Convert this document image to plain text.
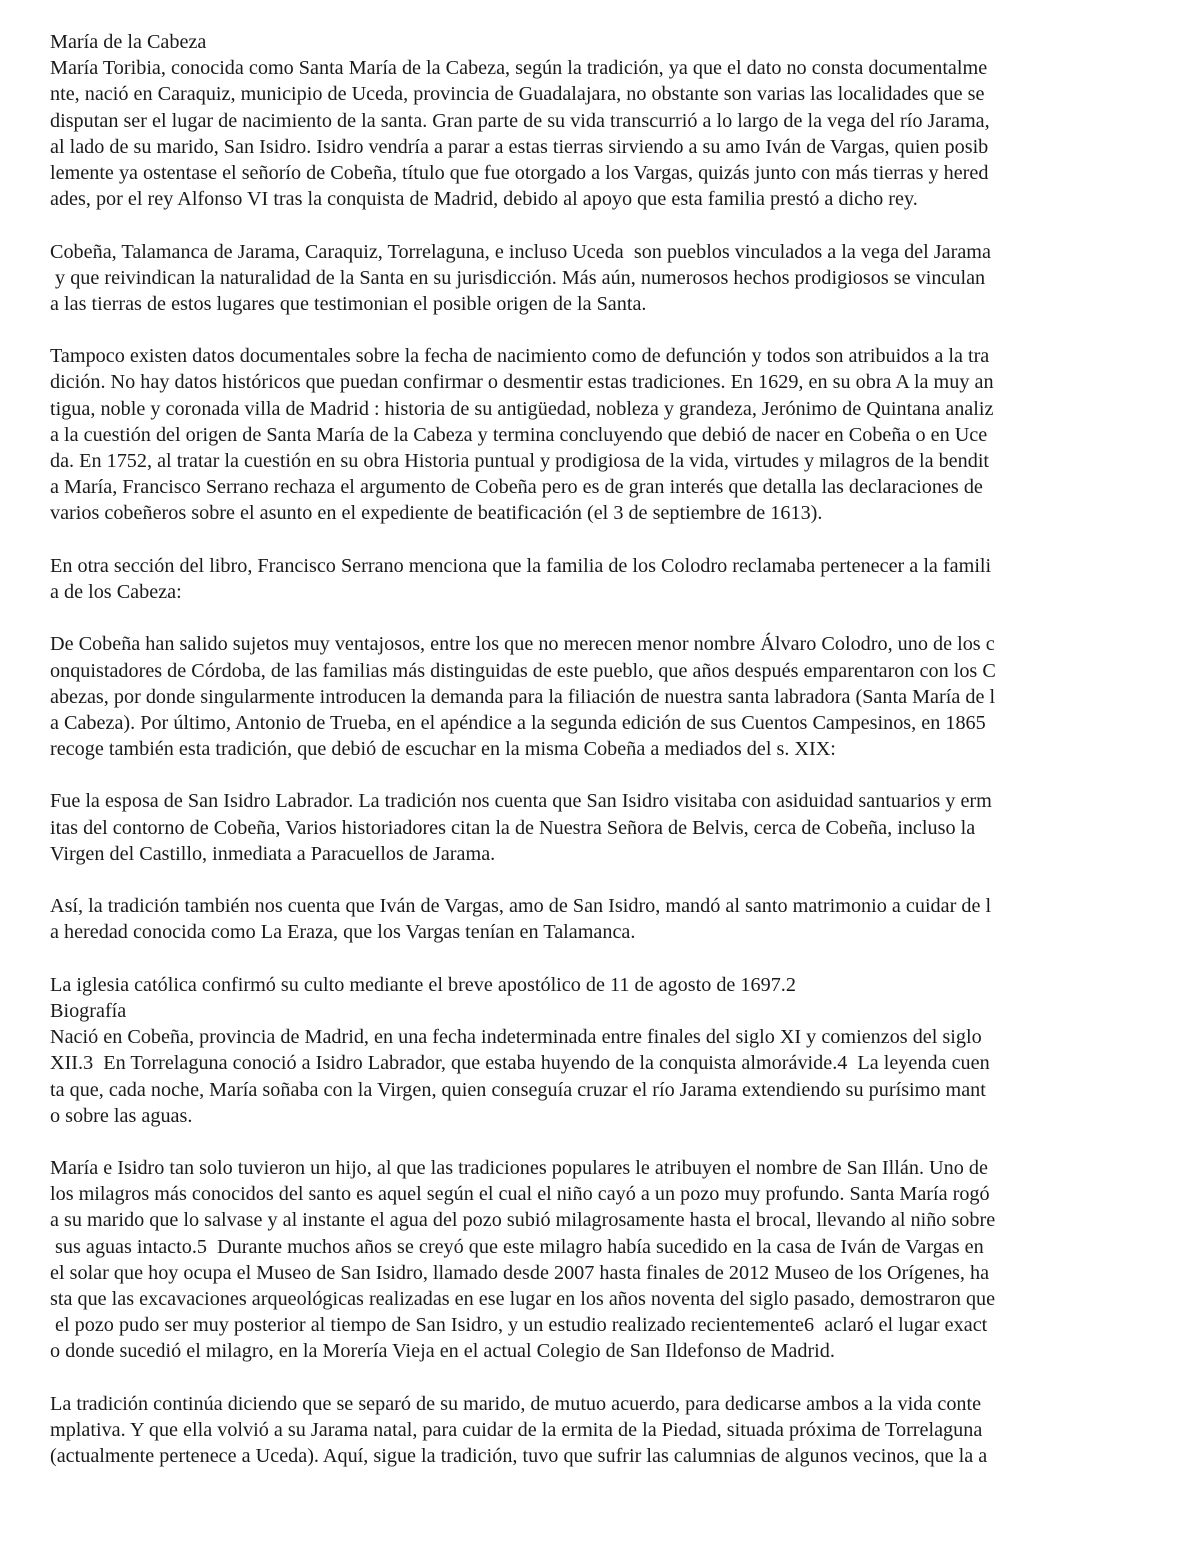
María de la Cabeza
María Toribia, conocida como Santa María de la Cabeza, según la tradición, ya que el dato no consta documentalme
nte, nació en Caraquiz, municipio de Uceda, provincia de Guadalajara, no obstante son varias las localidades que se
disputan ser el lugar de nacimiento de la santa. Gran parte de su vida transcurrió a lo largo de la vega del río Jarama,
al lado de su marido, San Isidro. Isidro vendría a parar a estas tierras sirviendo a su amo Iván de Vargas, quien posib
lemente ya ostentase el señorío de Cobeña, título que fue otorgado a los Vargas, quizás junto con más tierras y hered
ades, por el rey Alfonso VI tras la conquista de Madrid, debido al apoyo que esta familia prestó a dicho rey.
Cobeña, Talamanca de Jarama, Caraquiz, Torrelaguna, e incluso Uceda  son pueblos vinculados a la vega del Jarama
y que reivindican la naturalidad de la Santa en su jurisdicción. Más aún, numerosos hechos prodigiosos se vinculan
a las tierras de estos lugares que testimonian el posible origen de la Santa.
Tampoco existen datos documentales sobre la fecha de nacimiento como de defunción y todos son atribuidos a la tra
dición. No hay datos históricos que puedan confirmar o desmentir estas tradiciones. En 1629, en su obra A la muy an
tigua, noble y coronada villa de Madrid : historia de su antigüedad, nobleza y grandeza, Jerónimo de Quintana analiz
a la cuestión del origen de Santa María de la Cabeza y termina concluyendo que debió de nacer en Cobeña o en Uce
da. En 1752, al tratar la cuestión en su obra Historia puntual y prodigiosa de la vida, virtudes y milagros de la bendit
a María, Francisco Serrano rechaza el argumento de Cobeña pero es de gran interés que detalla las declaraciones de
varios cobeñeros sobre el asunto en el expediente de beatificación (el 3 de septiembre de 1613).
En otra sección del libro, Francisco Serrano menciona que la familia de los Colodro reclamaba pertenecer a la famili
a de los Cabeza:
De Cobeña han salido sujetos muy ventajosos, entre los que no merecen menor nombre Álvaro Colodro, uno de los c
onquistadores de Córdoba, de las familias más distinguidas de este pueblo, que años después emparentaron con los C
abezas, por donde singularmente introducen la demanda para la filiación de nuestra santa labradora (Santa María de l
a Cabeza). Por último, Antonio de Trueba, en el apéndice a la segunda edición de sus Cuentos Campesinos, en 1865
recoge también esta tradición, que debió de escuchar en la misma Cobeña a mediados del s. XIX:
Fue la esposa de San Isidro Labrador. La tradición nos cuenta que San Isidro visitaba con asiduidad santuarios y erm
itas del contorno de Cobeña, Varios historiadores citan la de Nuestra Señora de Belvis, cerca de Cobeña, incluso la
Virgen del Castillo, inmediata a Paracuellos de Jarama.
Así, la tradición también nos cuenta que Iván de Vargas, amo de San Isidro, mandó al santo matrimonio a cuidar de l
a heredad conocida como La Eraza, que los Vargas tenían en Talamanca.
La iglesia católica confirmó su culto mediante el breve apostólico de 11 de agosto de 1697.2
Biografía
Nació en Cobeña, provincia de Madrid, en una fecha indeterminada entre finales del siglo XI y comienzos del siglo
XII.3  En Torrelaguna conoció a Isidro Labrador, que estaba huyendo de la conquista almorávide.4  La leyenda cuen
ta que, cada noche, María soñaba con la Virgen, quien conseguía cruzar el río Jarama extendiendo su purísimo mant
o sobre las aguas.
María e Isidro tan solo tuvieron un hijo, al que las tradiciones populares le atribuyen el nombre de San Illán. Uno de
los milagros más conocidos del santo es aquel según el cual el niño cayó a un pozo muy profundo. Santa María rogó
a su marido que lo salvase y al instante el agua del pozo subió milagrosamente hasta el brocal, llevando al niño sobre
sus aguas intacto.5  Durante muchos años se creyó que este milagro había sucedido en la casa de Iván de Vargas en
el solar que hoy ocupa el Museo de San Isidro, llamado desde 2007 hasta finales de 2012 Museo de los Orígenes, ha
sta que las excavaciones arqueológicas realizadas en ese lugar en los años noventa del siglo pasado, demostraron que
el pozo pudo ser muy posterior al tiempo de San Isidro, y un estudio realizado recientemente6  aclaró el lugar exact
o donde sucedió el milagro, en la Morería Vieja en el actual Colegio de San Ildefonso de Madrid.
La tradición continúa diciendo que se separó de su marido, de mutuo acuerdo, para dedicarse ambos a la vida conte
mplativa. Y que ella volvió a su Jarama natal, para cuidar de la ermita de la Piedad, situada próxima de Torrelaguna
(actualmente pertenece a Uceda). Aquí, sigue la tradición, tuvo que sufrir las calumnias de algunos vecinos, que la a
